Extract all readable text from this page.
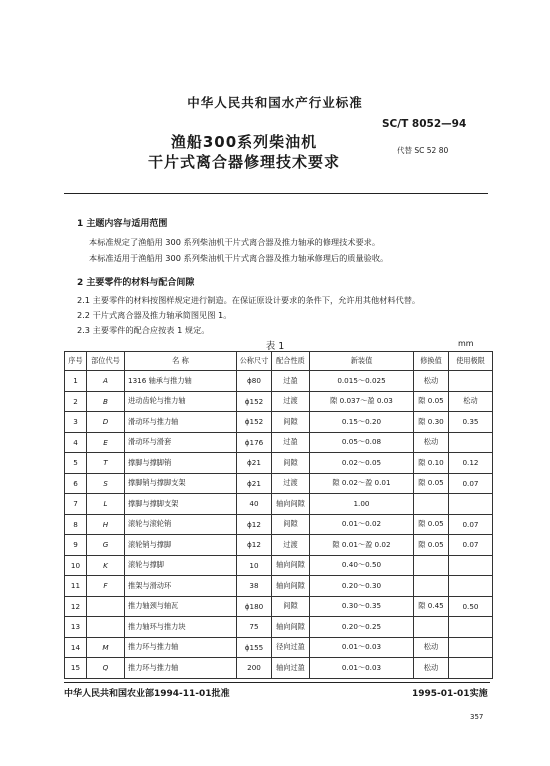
中华人民共和国水产行业标准
SC/T 8052—94
代替 SC 52 80
渔船300系列柴油机
干片式离合器修理技术要求
1 主题内容与适用范围
本标准规定了渔船用 300 系列柴油机干片式离合器及推力轴承的修理技术要求。
本标准适用于渔船用 300 系列柴油机干片式离合器及推力轴承修理后的质量验收。
2 主要零件的材料与配合间隙
2.1 主要零件的材料按图样规定进行制造。在保证原设计要求的条件下，允许用其他材料代替。
2.2 干片式离合器及推力轴承简图见图 1。
2.3 主要零件的配合应按表 1 规定。
表 1	mm
序号	部位代号	名 称	公称尺寸	配合性质	新装值	修换值	使用极限
1	A	1316 轴承与推力轴	ϕ80	过盈	0.015～0.025	松动	
2	B	进动齿轮与推力轴	ϕ152	过渡	隙 0.037～盈 0.03	隙 0.05	松动
3	D	滑动环与推力轴	ϕ152	间隙	0.15～0.20	隙 0.30	0.35
4	E	滑动环与滑套	ϕ176	过盈	0.05～0.08	松动	
5	T	撑脚与撑脚销	ϕ21	间隙	0.02～0.05	隙 0.10	0.12
6	S	撑脚销与撑脚支架	ϕ21	过渡	隙 0.02～盈 0.01	隙 0.05	0.07
7	L	撑脚与撑脚支架	40	轴向间隙	1.00		
8	H	滚轮与滚轮销	ϕ12	间隙	0.01～0.02	隙 0.05	0.07
9	G	滚轮销与撑脚	ϕ12	过渡	隙 0.01～盈 0.02	隙 0.05	0.07
10	K	滚轮与撑脚	10	轴向间隙	0.40～0.50		
11	F	推架与滑动环	38	轴向间隙	0.20～0.30		
12		推力轴颈与轴瓦	ϕ180	间隙	0.30～0.35	隙 0.45	0.50
13		推力轴环与推力块	75	轴向间隙	0.20～0.25		
14	M	推力环与推力轴	ϕ155	径向过盈	0.01～0.03	松动	
15	Q	推力环与推力轴	200	轴向过盈	0.01～0.03	松动	
中华人民共和国农业部1994-11-01批准	1995-01-01实施
357
